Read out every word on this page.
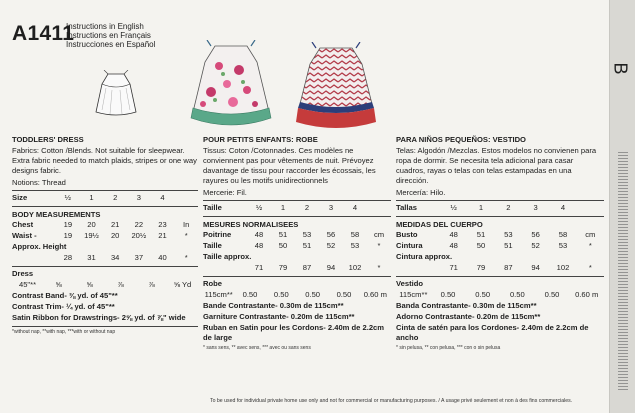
A1411
Instructions in English
Instructions en Français
Instrucciones en Español
TODDLERS' DRESS
Fabrics: Cotton /Blends. Not suitable for sleepwear. Extra fabric needed to match plaids, stripes or one way designs fabric.
Notions: Thread
Size	½	1	2	3	4
BODY MEASUREMENTS
Chest	19	20	21	22	23	In
Waist -	19	19½	20	20½	21	*
Approx. Height
28	31	34	37	40	*
Dress
45"**	⅝	⅝	⅞	⅞	⅝ Yd
Contrast Band- ⅜ yd. of 45"**
Contrast Trim- ¼ yd. of 45"**
Satin Ribbon for Drawstrings- 2⅝ yd. of ⅞" wide
*without nap, **with nap, ***with or without nap
POUR PETITS ENFANTS: ROBE
Tissus: Coton /Cotonnades. Ces modèles ne conviennent pas pour vêtements de nuit. Prévoyez davantage de tissu pour raccorder les écossais, les rayures ou les motifs unidirectionnels
Mercerie: Fil.
Taille	½	1	2	3	4
MESURES NORMALISEES
Poitrine	48	51	53	56	58	cm
Taille	48	50	51	52	53	*
Taille approx.
71	79	87	94	102	*
Robe
115cm**	0.50	0.50	0.50	0.50	0.60 m
Bande Contrastante- 0.30m de 115cm**
Garniture Contrastante- 0.20m de 115cm**
Ruban en Satin pour les Cordons- 2.40m de 2.2cm de large
* sans sens, ** avec sens, *** avec ou sans sens
PARA NIÑOS PEQUEÑOS: VESTIDO
Telas: Algodón /Mezclas. Estos modelos no convienen para ropa de dormir. Se necesita tela adicional para casar cuadros, rayas o telas con telas estampadas en una dirección.
Mercería: Hilo.
Tallas	½	1	2	3	4
MEDIDAS DEL CUERPO
Busto	48	51	53	56	58	cm
Cintura	48	50	51	52	53	*
Cintura approx.
71	79	87	94	102	*
Vestido
115cm**	0.50	0.50	0.50	0.50	0.60 m
Banda Contrastante- 0.30m de 115cm**
Adorno Contrastante- 0.20m de 115cm**
Cinta de satén para los Cordones- 2.40m de 2.2cm de ancho
* sin pelusa, ** con pelusa, *** con o sin pelusa
To be used for individual private home use only and not for commercial or manufacturing purposes. / A usage privé seulement et non à des fins commerciales.
B
